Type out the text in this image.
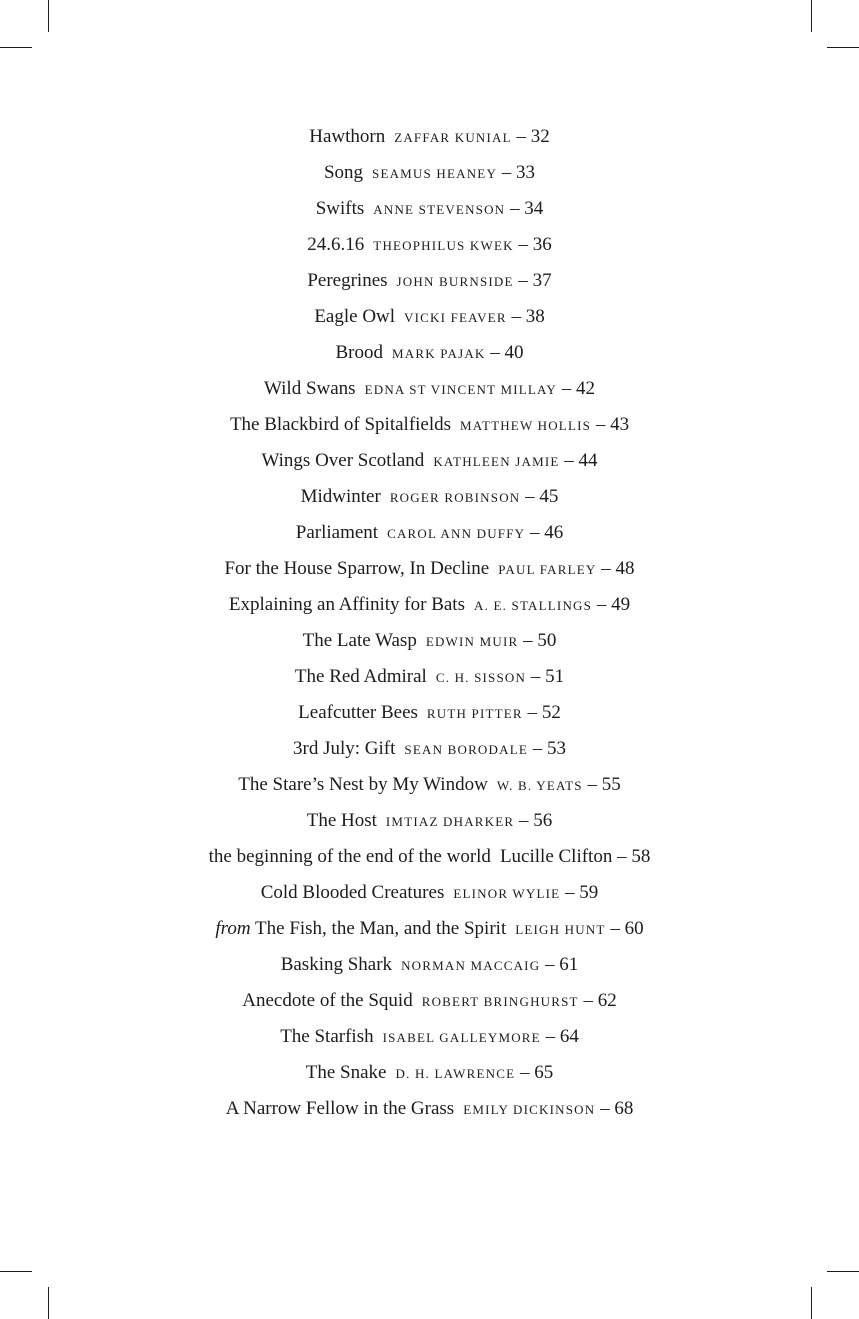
Hawthorn ZAFFAR KUNIAL – 32
Song SEAMUS HEANEY – 33
Swifts ANNE STEVENSON – 34
24.6.16 THEOPHILUS KWEK – 36
Peregrines JOHN BURNSIDE – 37
Eagle Owl VICKI FEAVER – 38
Brood MARK PAJAK – 40
Wild Swans EDNA ST VINCENT MILLAY – 42
The Blackbird of Spitalfields MATTHEW HOLLIS – 43
Wings Over Scotland KATHLEEN JAMIE – 44
Midwinter ROGER ROBINSON – 45
Parliament CAROL ANN DUFFY – 46
For the House Sparrow, In Decline PAUL FARLEY – 48
Explaining an Affinity for Bats A. E. STALLINGS – 49
The Late Wasp EDWIN MUIR – 50
The Red Admiral C. H. SISSON – 51
Leafcutter Bees RUTH PITTER – 52
3rd July: Gift SEAN BORODALE – 53
The Stare’s Nest by My Window W. B. YEATS – 55
The Host IMTIAZ DHARKER – 56
the beginning of the end of the world Lucille Clifton – 58
Cold Blooded Creatures ELINOR WYLIE – 59
from The Fish, the Man, and the Spirit LEIGH HUNT – 60
Basking Shark NORMAN MACCAIG – 61
Anecdote of the Squid ROBERT BRINGHURST – 62
The Starfish ISABEL GALLEYMORE – 64
The Snake D. H. LAWRENCE – 65
A Narrow Fellow in the Grass EMILY DICKINSON – 68
